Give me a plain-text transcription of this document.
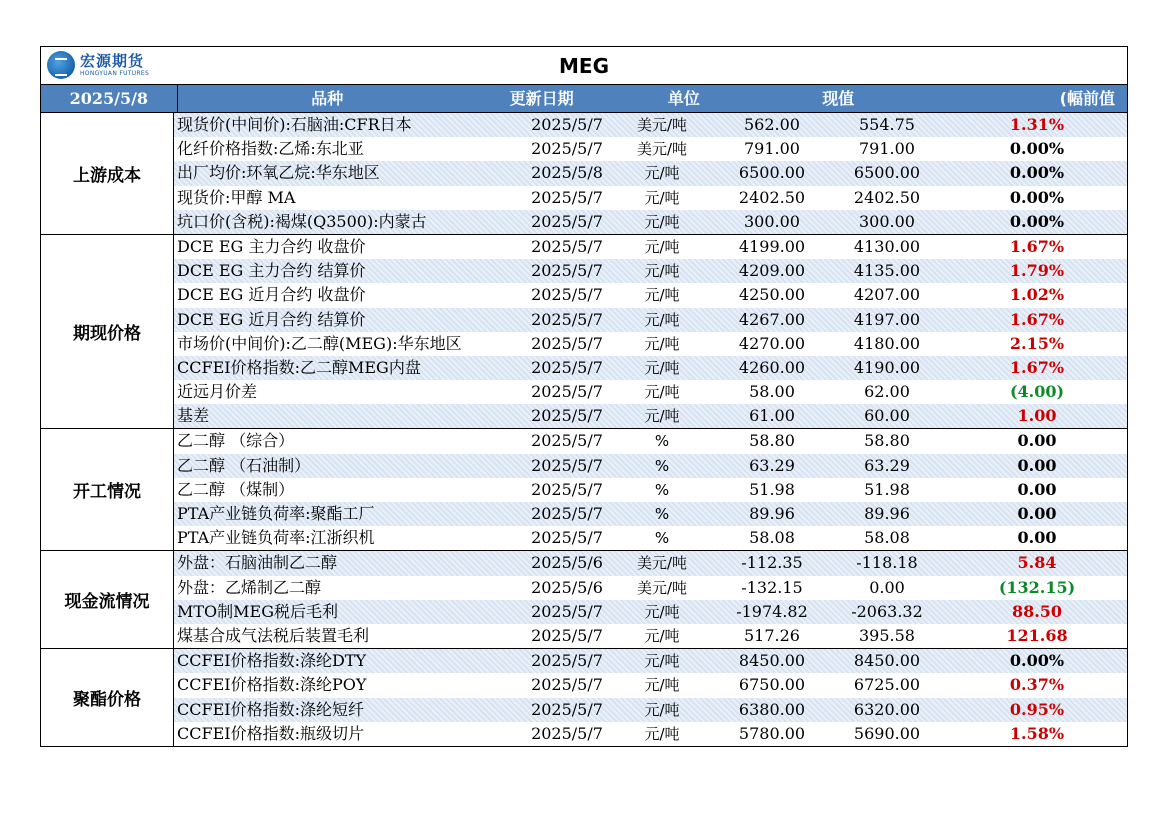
宏源期货
HONGYUAN FUTURES	MEG
2025/5/8	品种	更新日期	单位	现值	(幅前值
上游成本
现货价(中间价):石脑油:CFR日本	2025/5/7	美元/吨	562.00	554.75	1.31%
化纤价格指数:乙烯:东北亚	2025/5/7	美元/吨	791.00	791.00	0.00%
出厂均价:环氧乙烷:华东地区	2025/5/8	元/吨	6500.00	6500.00	0.00%
现货价:甲醇 MA	2025/5/7	元/吨	2402.50	2402.50	0.00%
坑口价(含税):褐煤(Q3500):内蒙古	2025/5/7	元/吨	300.00	300.00	0.00%
期现价格
DCE EG 主力合约 收盘价	2025/5/7	元/吨	4199.00	4130.00	1.67%
DCE EG 主力合约 结算价	2025/5/7	元/吨	4209.00	4135.00	1.79%
DCE EG 近月合约 收盘价	2025/5/7	元/吨	4250.00	4207.00	1.02%
DCE EG 近月合约 结算价	2025/5/7	元/吨	4267.00	4197.00	1.67%
市场价(中间价):乙二醇(MEG):华东地区	2025/5/7	元/吨	4270.00	4180.00	2.15%
CCFEI价格指数:乙二醇MEG内盘	2025/5/7	元/吨	4260.00	4190.00	1.67%
近远月价差	2025/5/7	元/吨	58.00	62.00	(4.00)
基差	2025/5/7	元/吨	61.00	60.00	1.00
开工情况
乙二醇 （综合）	2025/5/7	%	58.80	58.80	0.00
乙二醇 （石油制）	2025/5/7	%	63.29	63.29	0.00
乙二醇 （煤制）	2025/5/7	%	51.98	51.98	0.00
PTA产业链负荷率:聚酯工厂	2025/5/7	%	89.96	89.96	0.00
PTA产业链负荷率:江浙织机	2025/5/7	%	58.08	58.08	0.00
现金流情况
外盘：石脑油制乙二醇	2025/5/6	美元/吨	-112.35	-118.18	5.84
外盘：乙烯制乙二醇	2025/5/6	美元/吨	-132.15	0.00	(132.15)
MTO制MEG税后毛利	2025/5/7	元/吨	-1974.82	-2063.32	88.50
煤基合成气法税后装置毛利	2025/5/7	元/吨	517.26	395.58	121.68
聚酯价格
CCFEI价格指数:涤纶DTY	2025/5/7	元/吨	8450.00	8450.00	0.00%
CCFEI价格指数:涤纶POY	2025/5/7	元/吨	6750.00	6725.00	0.37%
CCFEI价格指数:涤纶短纤	2025/5/7	元/吨	6380.00	6320.00	0.95%
CCFEI价格指数:瓶级切片	2025/5/7	元/吨	5780.00	5690.00	1.58%
